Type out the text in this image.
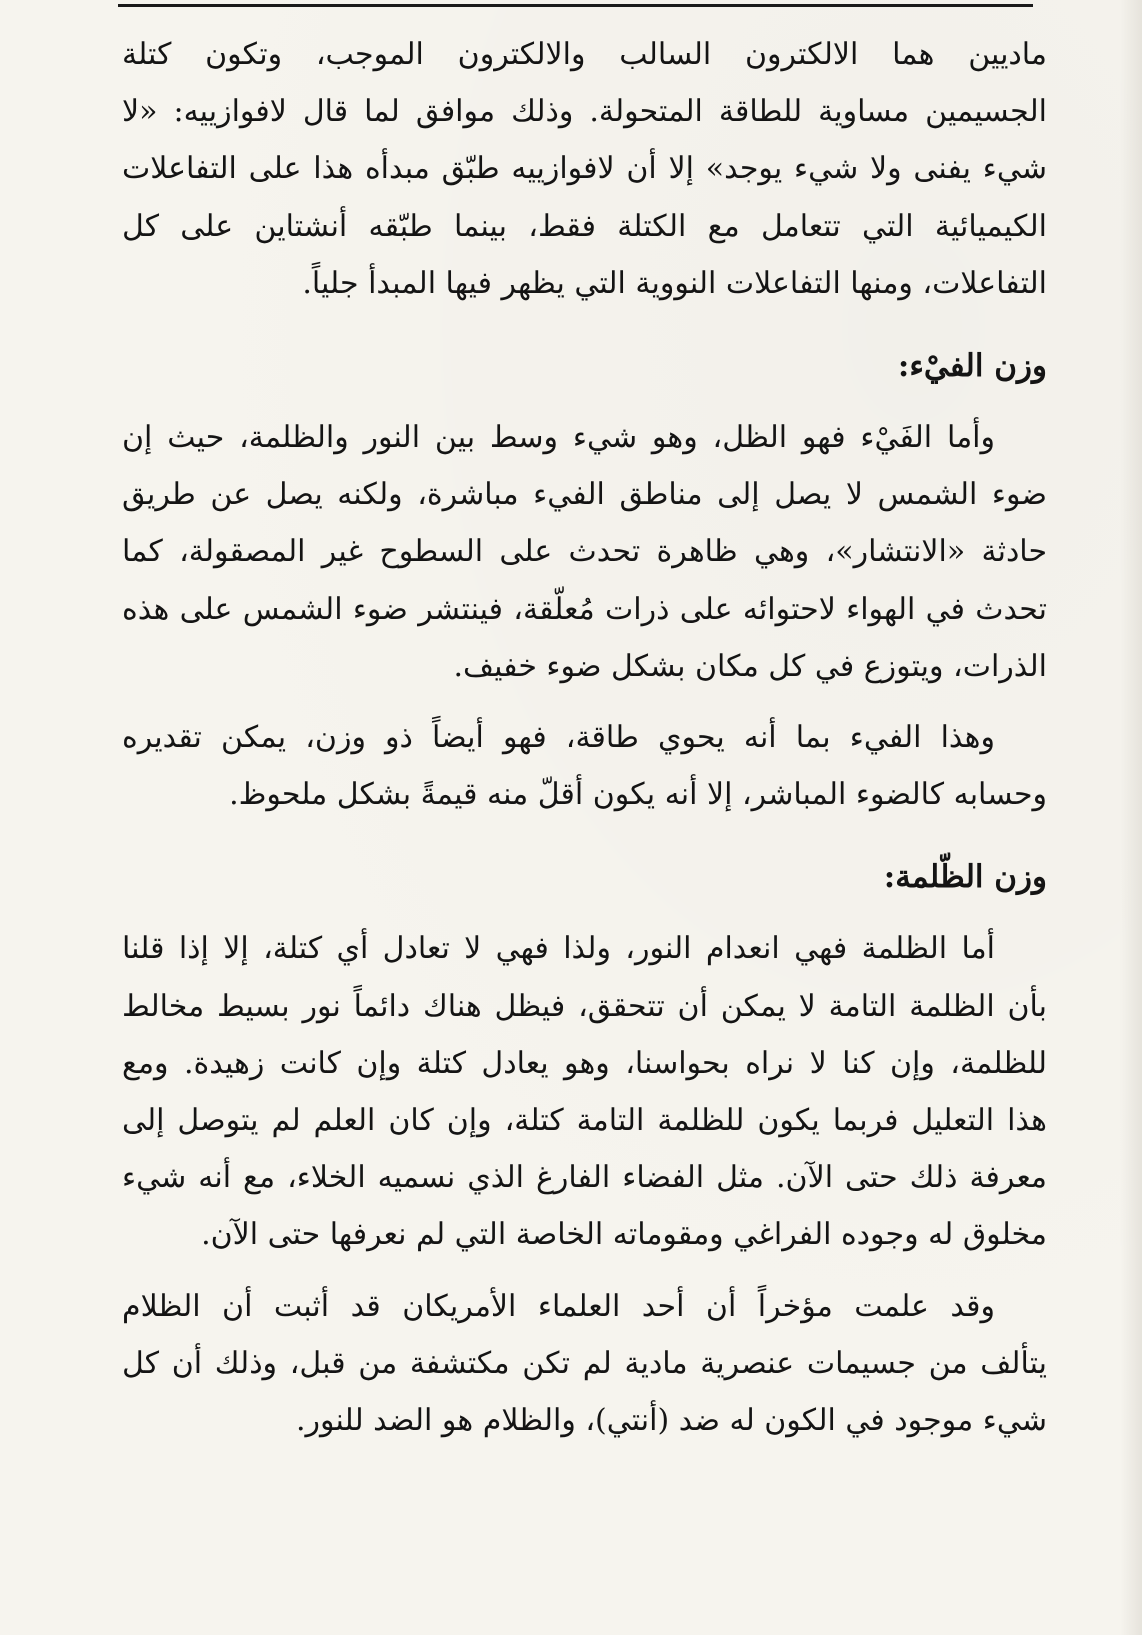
ماديين هما الالكترون السالب والالكترون الموجب، وتكون كتلة
الجسيمين مساوية للطاقة المتحولة. وذلك موافق لما قال لافوازييه: «لا
شيء يفنى ولا شيء يوجد» إلا أن لافوازييه طبّق مبدأه هذا على التفاعلات
الكيميائية التي تتعامل مع الكتلة فقط، بينما طبّقه أنشتاين على كل
التفاعلات، ومنها التفاعلات النووية التي يظهر فيها المبدأ جلياً.

وزن الفيْء:

وأما الفَيْء فهو الظل، وهو شيء وسط بين النور والظلمة، حيث إن
ضوء الشمس لا يصل إلى مناطق الفيء مباشرة، ولكنه يصل عن طريق
حادثة «الانتشار»، وهي ظاهرة تحدث على السطوح غير المصقولة، كما
تحدث في الهواء لاحتوائه على ذرات مُعلّقة، فينتشر ضوء الشمس على هذه
الذرات، ويتوزع في كل مكان بشكل ضوء خفيف.

وهذا الفيء بما أنه يحوي طاقة، فهو أيضاً ذو وزن، يمكن تقديره
وحسابه كالضوء المباشر، إلا أنه يكون أقلّ منه قيمةً بشكل ملحوظ.

وزن الظّلمة:

أما الظلمة فهي انعدام النور، ولذا فهي لا تعادل أي كتلة، إلا إذا قلنا
بأن الظلمة التامة لا يمكن أن تتحقق، فيظل هناك دائماً نور بسيط مخالط
للظلمة، وإن كنا لا نراه بحواسنا، وهو يعادل كتلة وإن كانت زهيدة. ومع
هذا التعليل فربما يكون للظلمة التامة كتلة، وإن كان العلم لم يتوصل إلى
معرفة ذلك حتى الآن. مثل الفضاء الفارغ الذي نسميه الخلاء، مع أنه شيء
مخلوق له وجوده الفراغي ومقوماته الخاصة التي لم نعرفها حتى الآن.

وقد علمت مؤخراً أن أحد العلماء الأمريكان قد أثبت أن الظلام
يتألف من جسيمات عنصرية مادية لم تكن مكتشفة من قبل، وذلك أن كل
شيء موجود في الكون له ضد (أنتي)، والظلام هو الضد للنور.
